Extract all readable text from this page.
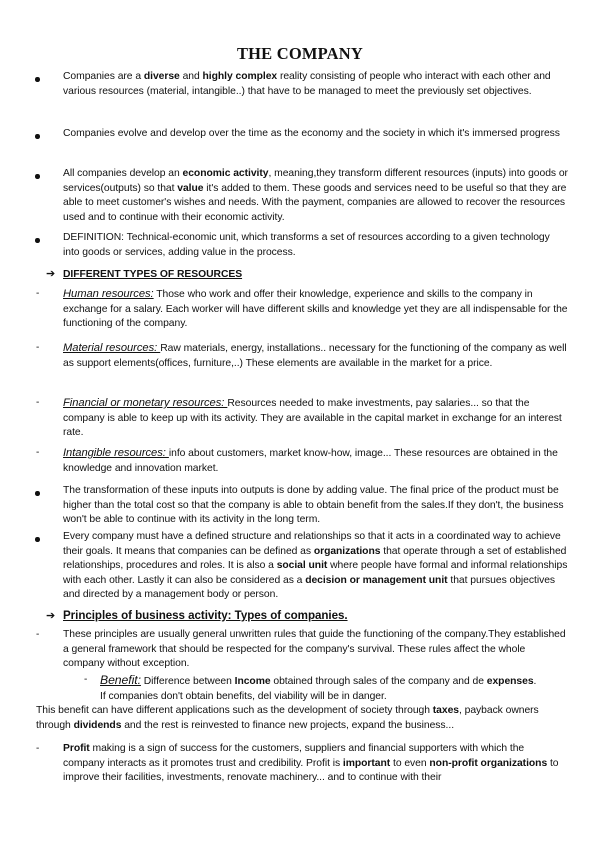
THE COMPANY
Companies are a diverse and highly complex reality consisting of people who interact with each other and various resources (material, intangible..) that have to be managed to meet the previously set objectives.
Companies evolve and develop over the time as the economy and the society in which it's immersed progress
All companies develop an economic activity, meaning,they transform different resources (inputs) into goods or services(outputs) so that value it's added to them. These goods and services need to be useful so that they are able to meet customer's wishes and needs. With the payment, companies are allowed to recover the resources used and to continue with their economic activity.
DEFINITION: Technical-economic unit, which transforms a set of resources according to a given technology into goods or services, adding value in the process.
➔ DIFFERENT TYPES OF RESOURCES
- Human resources: Those who work and offer their knowledge, experience and skills to the company in exchange for a salary. Each worker will have different skills and knowledge yet they are all indispensable for the functioning of the company.
- Material resources: Raw materials, energy, installations.. necessary for the functioning of the company as well as support elements(offices, furniture,..) These elements are available in the market for a price.
- Financial or monetary resources: Resources needed to make investments, pay salaries... so that the company is able to keep up with its activity. They are available in the capital market in exchange for an interest rate.
- Intangible resources: info about customers, market know-how, image... These resources are obtained in the knowledge and innovation market.
The transformation of these inputs into outputs is done by adding value. The final price of the product must be higher than the total cost so that the company is able to obtain benefit from the sales.If they don't, the business won't be able to continue with its activity in the long term.
Every company must have a defined structure and relationships so that it acts in a coordinated way to achieve their goals. It means that companies can be defined as organizations that operate through a set of established relationships, procedures and roles. It is also a social unit where people have formal and informal relationships with each other. Lastly it can also be considered as a decision or management unit that pursues objectives and directed by a management body or person.
➔ Principles of business activity: Types of companies.
- These principles are usually general unwritten rules that guide the functioning of the company.They established a general framework that should be respected for the company's survival. These rules affect the whole company without exception.
- Benefit: Difference between Income obtained through sales of the company and de expenses. If companies don't obtain benefits, del viability will be in danger.
This benefit can have different applications such as the development of society through taxes, payback owners through dividends and the rest is reinvested to finance new projects, expand the business...
- Profit making is a sign of success for the customers, suppliers and financial supporters with which the company interacts as it promotes trust and credibility. Profit is important to even non-profit organizations to improve their facilities, investments, renovate machinery... and to continue with their
